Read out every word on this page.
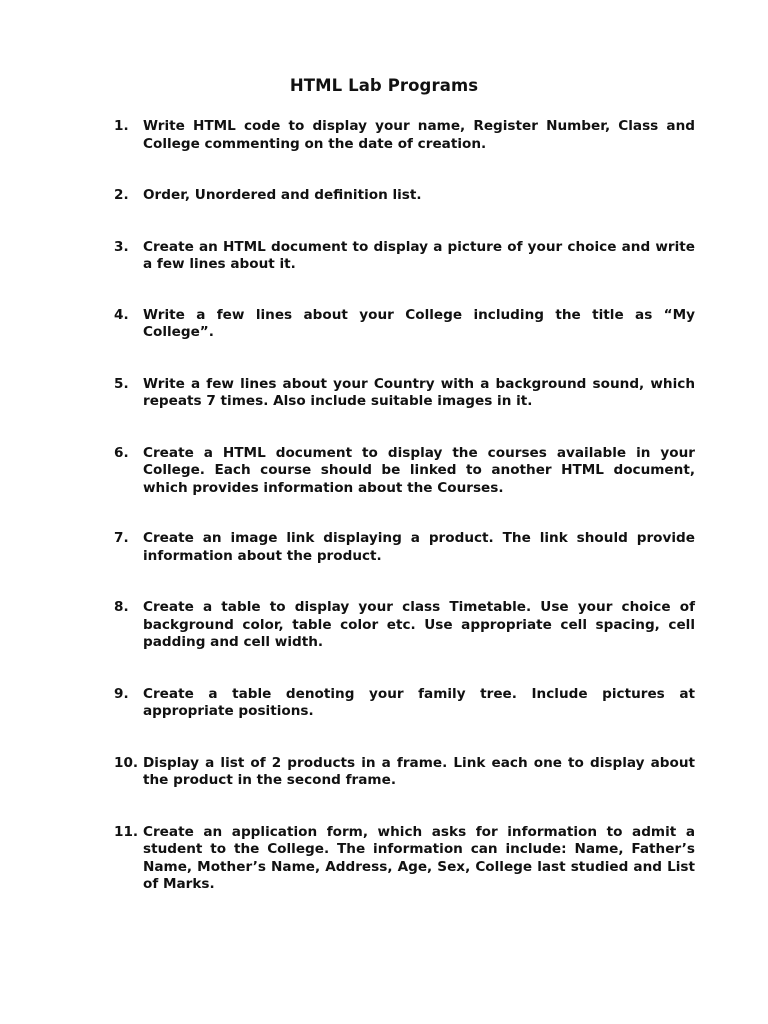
HTML Lab Programs
1. Write HTML code to display your name, Register Number, Class and College commenting on the date of creation.
2. Order, Unordered and definition list.
3. Create an HTML document to display a picture of your choice and write a few lines about it.
4. Write a few lines about your College including the title as “My College”.
5. Write a few lines about your Country with a background sound, which repeats 7 times. Also include suitable images in it.
6. Create a HTML document to display the courses available in your College. Each course should be linked to another HTML document, which provides information about the Courses.
7. Create an image link displaying a product. The link should provide information about the product.
8. Create a table to display your class Timetable. Use your choice of background color, table color etc. Use appropriate cell spacing, cell padding and cell width.
9. Create a table denoting your family tree. Include pictures at appropriate positions.
10. Display a list of 2 products in a frame. Link each one to display about the product in the second frame.
11. Create an application form, which asks for information to admit a student to the College. The information can include: Name, Father’s Name, Mother’s Name, Address, Age, Sex, College last studied and List of Marks.
